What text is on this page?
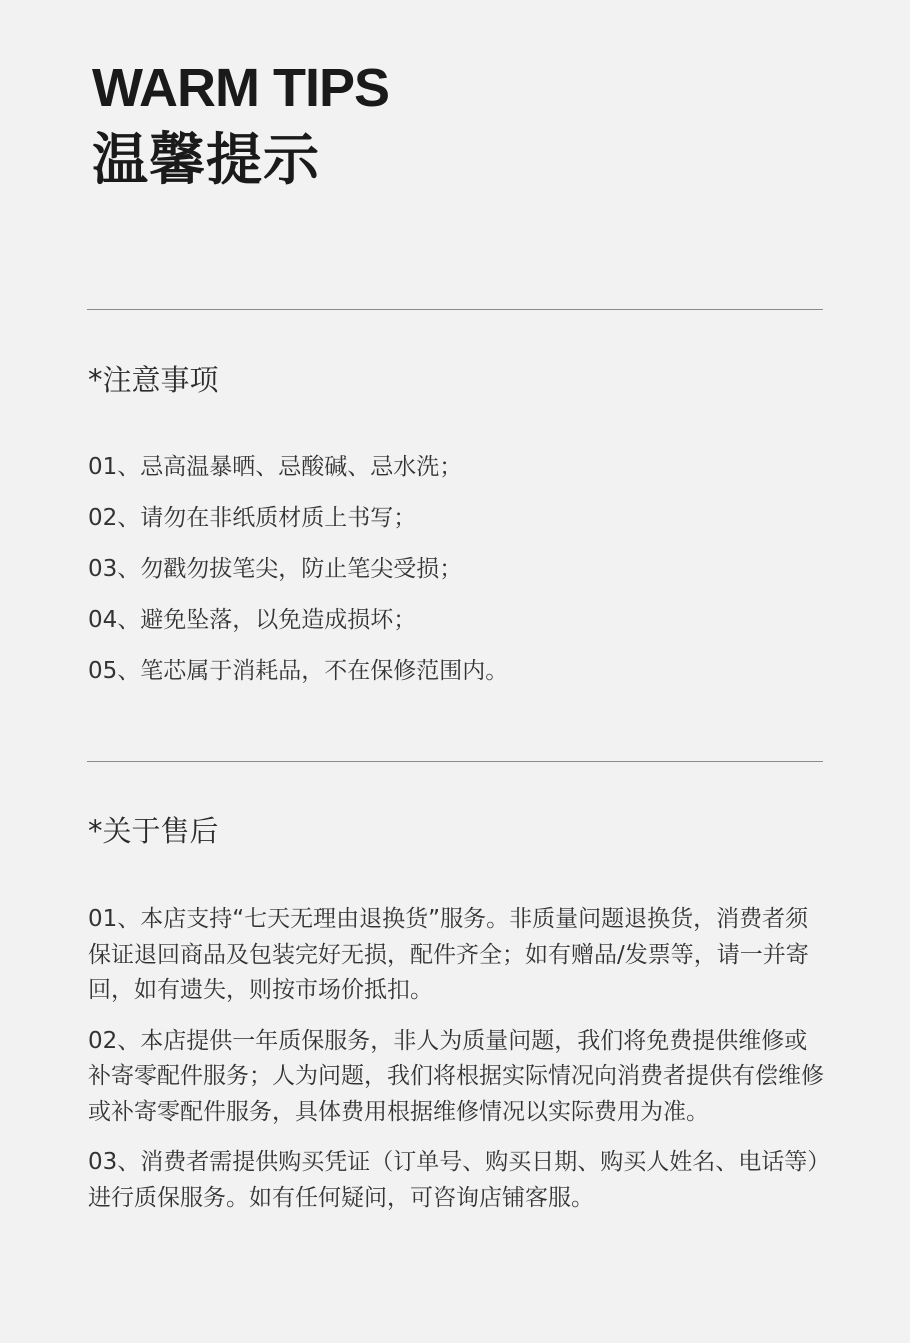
WARM TIPS
温馨提示
*注意事项
01、忌高温暴晒、忌酸碱、忌水洗；
02、请勿在非纸质材质上书写；
03、勿戳勿拔笔尖，防止笔尖受损；
04、避免坠落，以免造成损坏；
05、笔芯属于消耗品，不在保修范围内。
*关于售后
01、本店支持“七天无理由退换货”服务。非质量问题退换货，消费者须保证退回商品及包装完好无损，配件齐全；如有赠品/发票等，请一并寄回，如有遗失，则按市场价抵扣。
02、本店提供一年质保服务，非人为质量问题，我们将免费提供维修或补寄零配件服务；人为问题，我们将根据实际情况向消费者提供有偿维修或补寄零配件服务，具体费用根据维修情况以实际费用为准。
03、消费者需提供购买凭证（订单号、购买日期、购买人姓名、电话等）进行质保服务。如有任何疑问，可咨询店铺客服。
